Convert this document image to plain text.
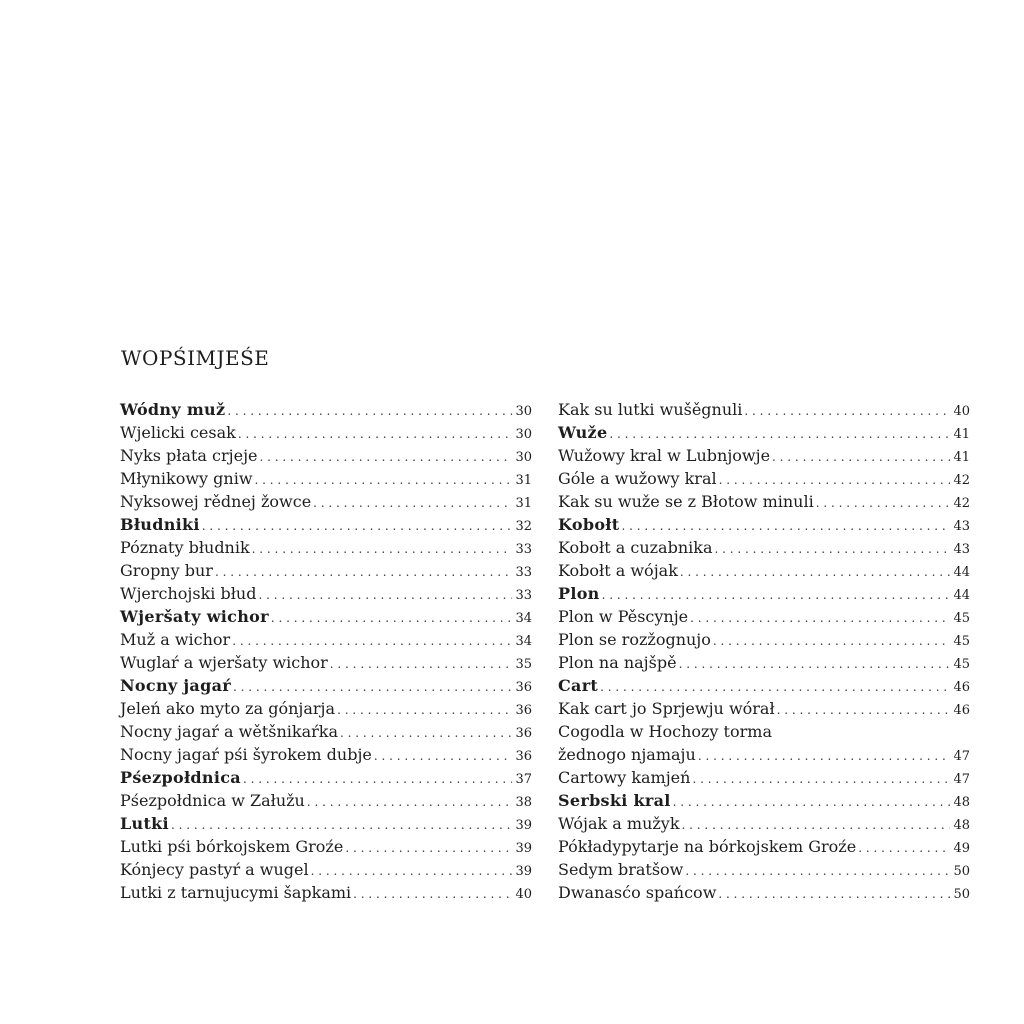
WOPŚIMJEŚE
Wódny muž . . .	30
Wjelicki cesak . . .	30
Nyks płata crjeje . . .	30
Młynikowy gniw . . .	31
Nyksowej rědnej žowce . . .	31
Błudniki . . .	32
Póznaty błudnik . . .	33
Gropny bur . . .	33
Wjerchojski błud . . .	33
Wjeršaty wichor . . .	34
Muž a wichor . . .	34
Wuglaŕ a wjeršaty wichor . . .	35
Nocny jagaŕ . . .	36
Jeleń ako myto za gónjarja . . .	36
Nocny jagaŕ a wětšnikaŕka . . .	36
Nocny jagaŕ pśi šyrokem dubje . . .	36
Pśezpołdnica . . .	37
Pśezpołdnica w Załužu . . .	38
Lutki . . .	39
Lutki pśi bórkojskem Groźe . . .	39
Kónjecy pastyŕ a wugel . . .	39
Lutki z tarnujucymi šapkami . . .	40
Kak su lutki wušěgnuli . . .	40
Wuže . . .	41
Wužowy kral w Lubnjowje . . .	41
Góle a wužowy kral . . .	42
Kak su wuže se z Błotow minuli . . .	42
Kobołt . . .	43
Kobołt a cuzabnika . . .	43
Kobołt a wójak . . .	44
Plon . . .	44
Plon w Pěscynje . . .	45
Plon se rozžognujo . . .	45
Plon na najšpě . . .	45
Cart . . .	46
Kak cart jo Sprjewju wórał . . .	46
Cogodla w Hochozy torma
žednogo njamaju . . .	47
Cartowy kamjeń . . .	47
Serbski kral . . .	48
Wójak a mužyk . . .	48
Pókładypytarje na bórkojskem Groźe . . .	49
Sedym bratšow . . .	50
Dwanasćo spańcow . . .	50
